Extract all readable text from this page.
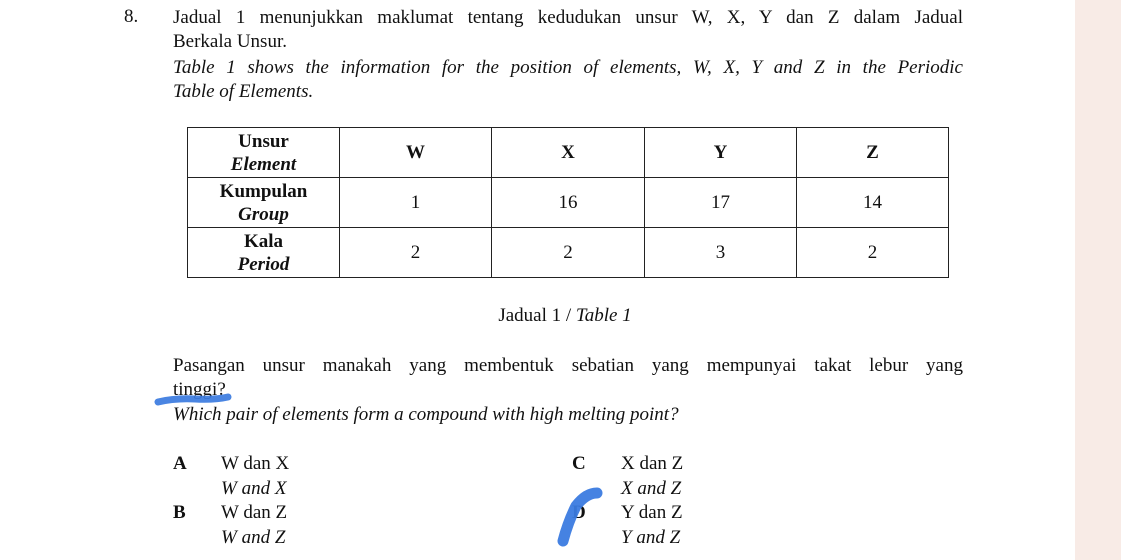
8. Jadual 1 menunjukkan maklumat tentang kedudukan unsur W, X, Y dan Z dalam Jadual
Berkala Unsur.
Table 1 shows the information for the position of elements, W, X, Y and Z in the Periodic
Table of Elements.
Unsur
Element	W	X	Y	Z

Kumpulan
Group	1	16	17	14

Kala
Period	2	2	3	2
Jadual 1 / Table 1
Pasangan unsur manakah yang membentuk sebatian yang mempunyai takat lebur yang
tinggi?
Which pair of elements form a compound with high melting point?
A W dan X
W and X
B W dan Z
W and Z
C X dan Z
X and Z
D Y dan Z
Y and Z
